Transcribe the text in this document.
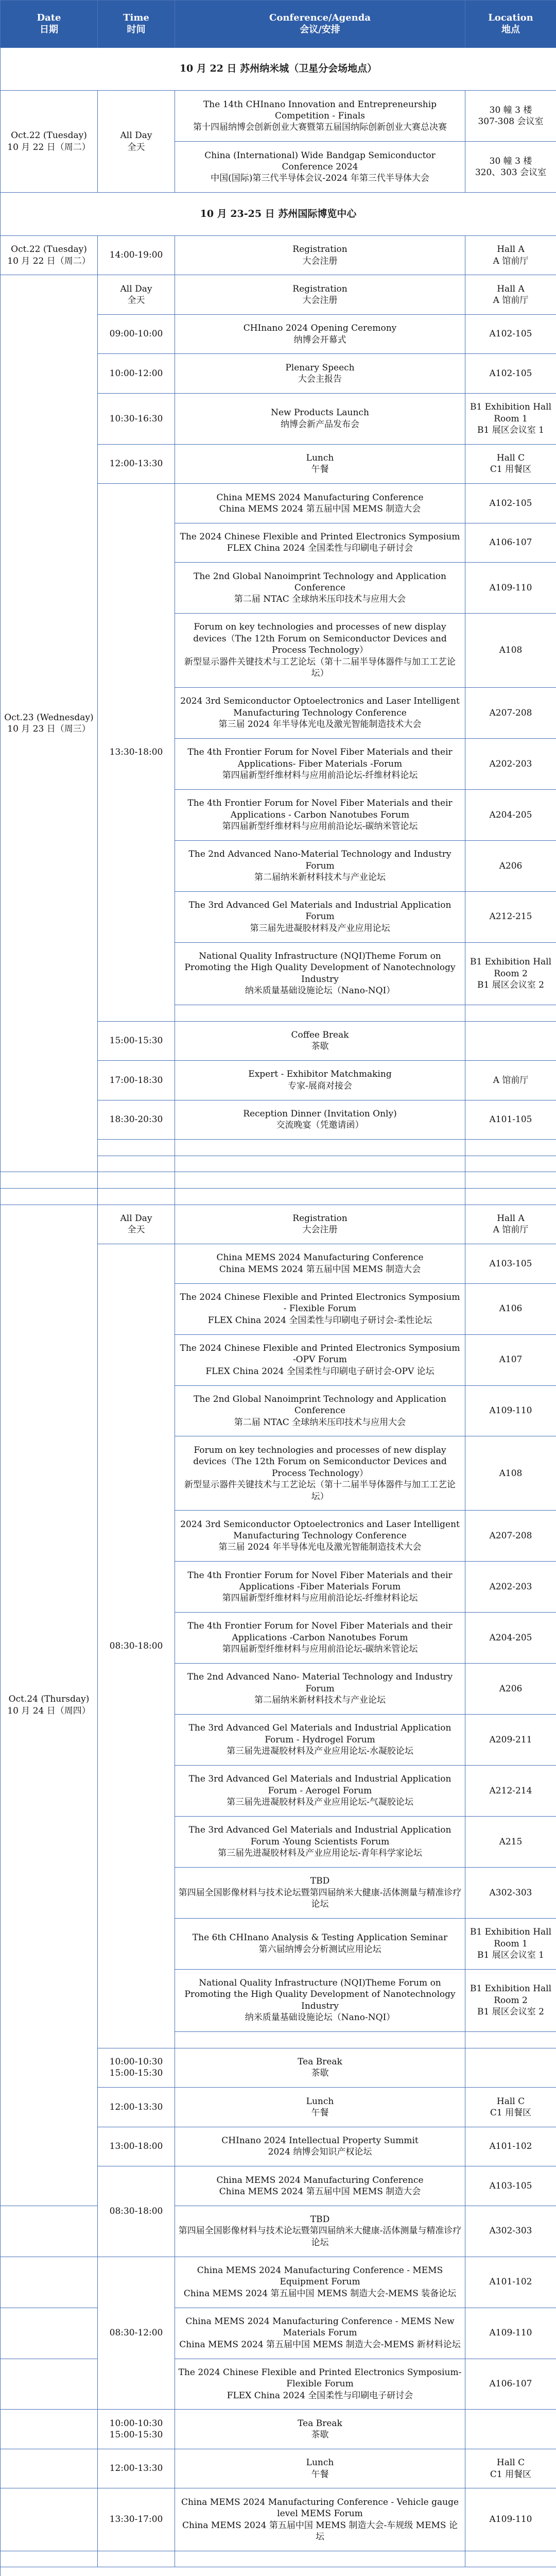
Date
日期	Time
时间	Conference/Agenda
会议/安排	Location
地点
10 月 22 日 苏州纳米城（卫星分会场地点）			
Oct.22 (Tuesday)
10 月 22 日（周二）	All Day
全天	The 14th CHInano Innovation and Entrepreneurship Competition - Finals
第十四届纳博会创新创业大赛暨第五届国纳际创新创业大赛总决赛	30 幢 3 楼
307-308 会议室
		China (International) Wide Bandgap Semiconductor Conference 2024
中国(国际)第三代半导体会议-2024 年第三代半导体大会	30 幢 3 楼
320、303 会议室
10 月 23-25 日 苏州国际博览中心			
Oct.22 (Tuesday)
10 月 22 日（周二）	14:00-19:00	Registration
大会注册	Hall A
A 馆前厅
Oct.23 (Wednesday)
10 月 23 日（周三）	All Day
全天	Registration
大会注册	Hall A
A 馆前厅
	09:00-10:00	CHInano 2024 Opening Ceremony
纳博会开幕式	A102-105
	10:00-12:00	Plenary Speech
大会主报告	A102-105
	10:30-16:30	New Products Launch
纳博会新产品发布会	B1 Exhibition Hall Room 1
B1 展区会议室 1
	12:00-13:30	Lunch
午餐	Hall C
C1 用餐区
	13:30-18:00	China MEMS 2024 Manufacturing Conference
China MEMS 2024 第五届中国 MEMS 制造大会	A102-105
		The 2024 Chinese Flexible and Printed Electronics Symposium
FLEX China 2024 全国柔性与印刷电子研讨会	A106-107
		The 2nd Global Nanoimprint Technology and Application Conference
第二届 NTAC 全球纳米压印技术与应用大会	A109-110
		Forum on key technologies and processes of new display devices（The 12th Forum on Semiconductor Devices and Process Technology）
新型显示器件关键技术与工艺论坛（第十二届半导体器件与加工工艺论坛）	A108
		2024 3rd Semiconductor Optoelectronics and Laser Intelligent Manufacturing Technology Conference
第三届 2024 年半导体光电及激光智能制造技术大会	A207-208
		The 4th Frontier Forum for Novel Fiber Materials and their Applications- Fiber Materials -Forum
第四届新型纤维材料与应用前沿论坛-纤维材料论坛	A202-203
		The 4th Frontier Forum for Novel Fiber Materials and their Applications - Carbon Nanotubes Forum
第四届新型纤维材料与应用前沿论坛-碳纳米管论坛	A204-205
		The 2nd Advanced Nano-Material Technology and Industry Forum
第二届纳米新材料技术与产业论坛	A206
		The 3rd Advanced Gel Materials and Industrial Application Forum
第三届先进凝胶材料及产业应用论坛	A212-215
		National Quality Infrastructure (NQI)Theme Forum on Promoting the High Quality Development of Nanotechnology Industry
纳米质量基础设施论坛（Nano-NQI）	B1 Exhibition Hall Room 2
B1 展区会议室 2

	15:00-15:30	Coffee Break
茶歇	
	17:00-18:30	Expert - Exhibitor Matchmaking
专家-展商对接会	A 馆前厅
	18:30-20:30	Reception Dinner (Invitation Only)
交流晚宴（凭邀请函）	A101-105

Oct.24 (Thursday)
10 月 24 日（周四）	All Day
全天	Registration
大会注册	Hall A
A 馆前厅
	08:30-18:00	China MEMS 2024 Manufacturing Conference
China MEMS 2024 第五届中国 MEMS 制造大会	A103-105
		The 2024 Chinese Flexible and Printed Electronics Symposium - Flexible Forum
FLEX China 2024 全国柔性与印刷电子研讨会-柔性论坛	A106
		The 2024 Chinese Flexible and Printed Electronics Symposium -OPV Forum
FLEX China 2024 全国柔性与印刷电子研讨会-OPV 论坛	A107
		The 2nd Global Nanoimprint Technology and Application Conference
第二届 NTAC 全球纳米压印技术与应用大会	A109-110
		Forum on key technologies and processes of new display devices（The 12th Forum on Semiconductor Devices and Process Technology）
新型显示器件关键技术与工艺论坛（第十二届半导体器件与加工工艺论坛）	A108
		2024 3rd Semiconductor Optoelectronics and Laser Intelligent Manufacturing Technology Conference
第三届 2024 年半导体光电及激光智能制造技术大会	A207-208
		The 4th Frontier Forum for Novel Fiber Materials and their Applications -Fiber Materials Forum
第四届新型纤维材料与应用前沿论坛-纤维材料论坛	A202-203
		The 4th Frontier Forum for Novel Fiber Materials and their Applications -Carbon Nanotubes Forum
第四届新型纤维材料与应用前沿论坛-碳纳米管论坛	A204-205
		The 2nd Advanced Nano- Material Technology and Industry Forum
第二届纳米新材料技术与产业论坛	A206
		The 3rd Advanced Gel Materials and Industrial Application Forum - Hydrogel Forum
第三届先进凝胶材料及产业应用论坛-水凝胶论坛	A209-211
		The 3rd Advanced Gel Materials and Industrial Application Forum - Aerogel Forum
第三届先进凝胶材料及产业应用论坛-气凝胶论坛	A212-214
		The 3rd Advanced Gel Materials and Industrial Application Forum -Young Scientists Forum
第三届先进凝胶材料及产业应用论坛-青年科学家论坛	A215
		TBD
第四届全国影像材料与技术论坛暨第四届纳米大健康-活体测量与精准诊疗论坛	A302-303
		The 6th CHInano Analysis & Testing Application Seminar
第六届纳博会分析测试应用论坛	B1 Exhibition Hall Room 1
B1 展区会议室 1
		National Quality Infrastructure (NQI)Theme Forum on Promoting the High Quality Development of Nanotechnology Industry
纳米质量基础设施论坛（Nano-NQI）	B1 Exhibition Hall Room 2
B1 展区会议室 2

	10:00-10:30
15:00-15:30	Tea Break
茶歇	
	12:00-13:30	Lunch
午餐	Hall C
C1 用餐区
	13:00-18:00	CHInano 2024 Intellectual Property Summit
2024 纳博会知识产权论坛	A101-102
	08:30-18:00	China MEMS 2024 Manufacturing Conference
China MEMS 2024 第五届中国 MEMS 制造大会	A103-105
		TBD
第四届全国影像材料与技术论坛暨第四届纳米大健康-活体测量与精准诊疗论坛	A302-303
	08:30-12:00	China MEMS 2024 Manufacturing Conference - MEMS Equipment Forum
China MEMS 2024 第五届中国 MEMS 制造大会-MEMS 装备论坛	A101-102
		China MEMS 2024 Manufacturing Conference - MEMS New Materials Forum
China MEMS 2024 第五届中国 MEMS 制造大会-MEMS 新材料论坛	A109-110
		The 2024 Chinese Flexible and Printed Electronics Symposium- Flexible Forum
FLEX China 2024 全国柔性与印刷电子研讨会	A106-107
	10:00-10:30
15:00-15:30	Tea Break
茶歇	
	12:00-13:30	Lunch
午餐	Hall C
C1 用餐区
	13:30-17:00	China MEMS 2024 Manufacturing Conference - Vehicle gauge level MEMS Forum
China MEMS 2024 第五届中国 MEMS 制造大会-车规级 MEMS 论坛	A109-110
